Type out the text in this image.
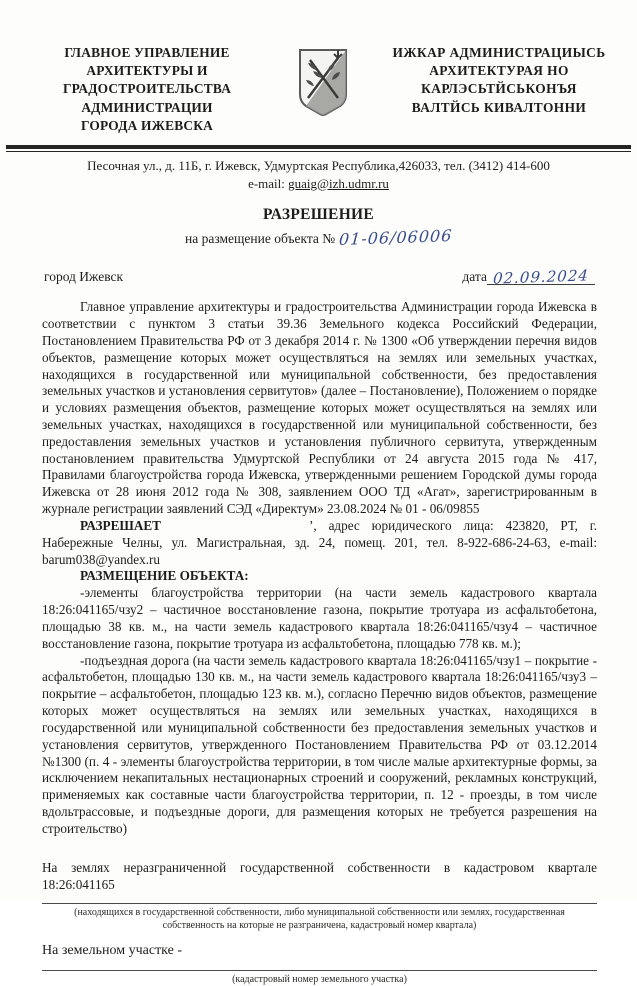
ГЛАВНОЕ УПРАВЛЕНИЕ
АРХИТЕКТУРЫ И
ГРАДОСТРОИТЕЛЬСТВА
АДМИНИСТРАЦИИ
ГОРОДА ИЖЕВСКА
ИЖКАР АДМИНИСТРАЦИЫСЬ
АРХИТЕКТУРАЯ НО
КАРЛЭСЬТЙСЬКОНЪЯ
ВАЛТЙСЬ КИВАЛТОННИ
Песочная ул., д. 11Б, г. Ижевск, Удмуртская Республика,426033, тел. (3412) 414-600
e-mail: guaig@izh.udmr.ru
РАЗРЕШЕНИЕ
на размещение объекта № 01-06/06006
город Ижевск	дата 02.09.2024

Главное управление архитектуры и градостроительства Администрации города Ижевска в соответствии с пунктом 3 статьи 39.36 Земельного кодекса Российский Федерации, Постановлением Правительства РФ от 3 декабря 2014 г. № 1300 «Об утверждении перечня видов объектов, размещение которых может осуществляться на землях или земельных участках, находящихся в государственной или муниципальной собственности, без предоставления земельных участков и установления сервитутов» (далее – Постановление), Положением о порядке и условиях размещения объектов, размещение которых может осуществляться на землях или земельных участках, находящихся в государственной или муниципальной собственности, без предоставления земельных участков и установления публичного сервитута, утвержденным постановлением правительства Удмуртской Республики от 24 августа 2015 года № 417, Правилами благоустройства города Ижевска, утвержденными решением Городской думы города Ижевска от 28 июня 2012 года № 308, заявлением ООО ТД «Агат», зарегистрированным в журнале регистрации заявлений СЭД «Директум» 23.08.2024 № 01 - 06/09855

РАЗРЕШАЕТ	’, адрес юридического лица: 423820, РТ, г. Набережные Челны, ул. Магистральная, зд. 24, помещ. 201, тел. 8-922-686-24-63, e-mail: barum038@yandex.ru

РАЗМЕЩЕНИЕ ОБЪЕКТА:

-элементы благоустройства территории (на части земель кадастрового квартала 18:26:041165/чзу2 – частичное восстановление газона, покрытие тротуара из асфальтобетона, площадью 38 кв. м., на части земель кадастрового квартала 18:26:041165/чзу4 – частичное восстановление газона, покрытие тротуара из асфальтобетона, площадью 778 кв. м.);

-подъездная дорога (на части земель кадастрового квартала 18:26:041165/чзу1 – покрытие - асфальтобетон, площадью 130 кв. м., на части земель кадастрового квартала 18:26:041165/чзу3 – покрытие – асфальтобетон, площадью 123 кв. м.), согласно Перечню видов объектов, размещение которых может осуществляться на землях или земельных участках, находящихся в государственной или муниципальной собственности без предоставления земельных участков и установления сервитутов, утвержденного Постановлением Правительства РФ от 03.12.2014 №1300 (п. 4 - элементы благоустройства территории, в том числе малые архитектурные формы, за исключением некапитальных нестационарных строений и сооружений, рекламных конструкций, применяемых как составные части благоустройства территории, п. 12 - проезды, в том числе вдольтрассовые, и подъездные дороги, для размещения которых не требуется разрешения на строительство)

На землях неразграниченной государственной собственности в кадастровом квартале 18:26:041165

(находящихся в государственной собственности, либо муниципальной собственности или землях, государственная собственность на которые не разграничена, кадастровый номер квартала)

На земельном участке -

(кадастровый номер земельного участка)
